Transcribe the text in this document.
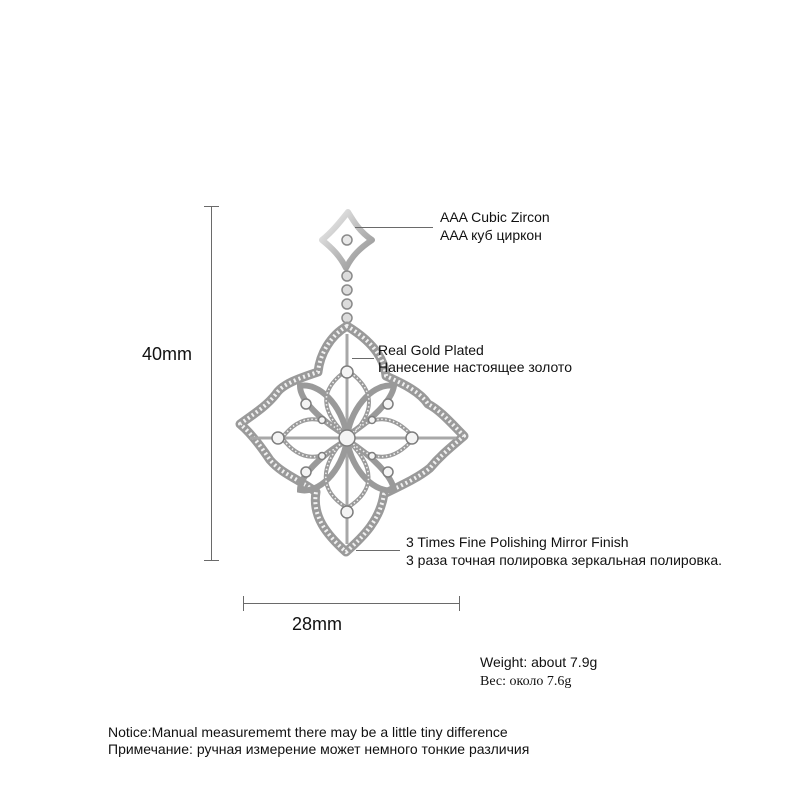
40mm
28mm
AAA Cubic Zircon
AAA куб циркон
Real Gold Plated
Нанесение настоящее золото
3 Times Fine Polishing Mirror Finish
3 раза точная полировка зеркальная полировка.
Weight: about 7.9g
Вес: около 7.6g
Notice:Manual measurememt there may be a little tiny difference
Примечание: ручная измерение может немного тонкие различия
